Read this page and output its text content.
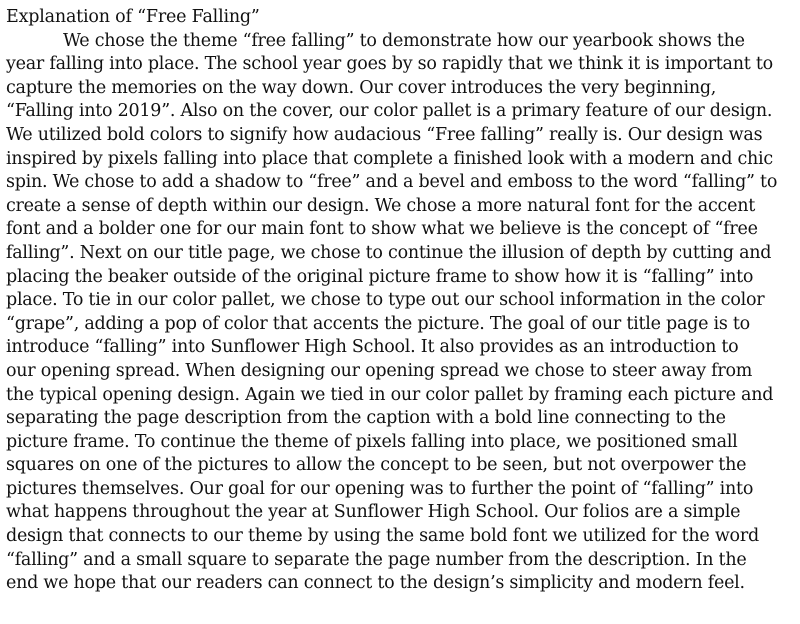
Explanation of “Free Falling”
We chose the theme “free falling” to demonstrate how our yearbook shows the
year falling into place. The school year goes by so rapidly that we think it is important to
capture the memories on the way down. Our cover introduces the very beginning,
“Falling into 2019”. Also on the cover, our color pallet is a primary feature of our design.
We utilized bold colors to signify how audacious “Free falling” really is. Our design was
inspired by pixels falling into place that complete a finished look with a modern and chic
spin. We chose to add a shadow to “free” and a bevel and emboss to the word “falling” to
create a sense of depth within our design. We chose a more natural font for the accent
font and a bolder one for our main font to show what we believe is the concept of “free
falling”. Next on our title page, we chose to continue the illusion of depth by cutting and
placing the beaker outside of the original picture frame to show how it is “falling” into
place. To tie in our color pallet, we chose to type out our school information in the color
“grape”, adding a pop of color that accents the picture. The goal of our title page is to
introduce “falling” into Sunflower High School. It also provides as an introduction to
our opening spread. When designing our opening spread we chose to steer away from
the typical opening design. Again we tied in our color pallet by framing each picture and
separating the page description from the caption with a bold line connecting to the
picture frame. To continue the theme of pixels falling into place, we positioned small
squares on one of the pictures to allow the concept to be seen, but not overpower the
pictures themselves. Our goal for our opening was to further the point of “falling” into
what happens throughout the year at Sunflower High School. Our folios are a simple
design that connects to our theme by using the same bold font we utilized for the word
“falling” and a small square to separate the page number from the description. In the
end we hope that our readers can connect to the design’s simplicity and modern feel.
